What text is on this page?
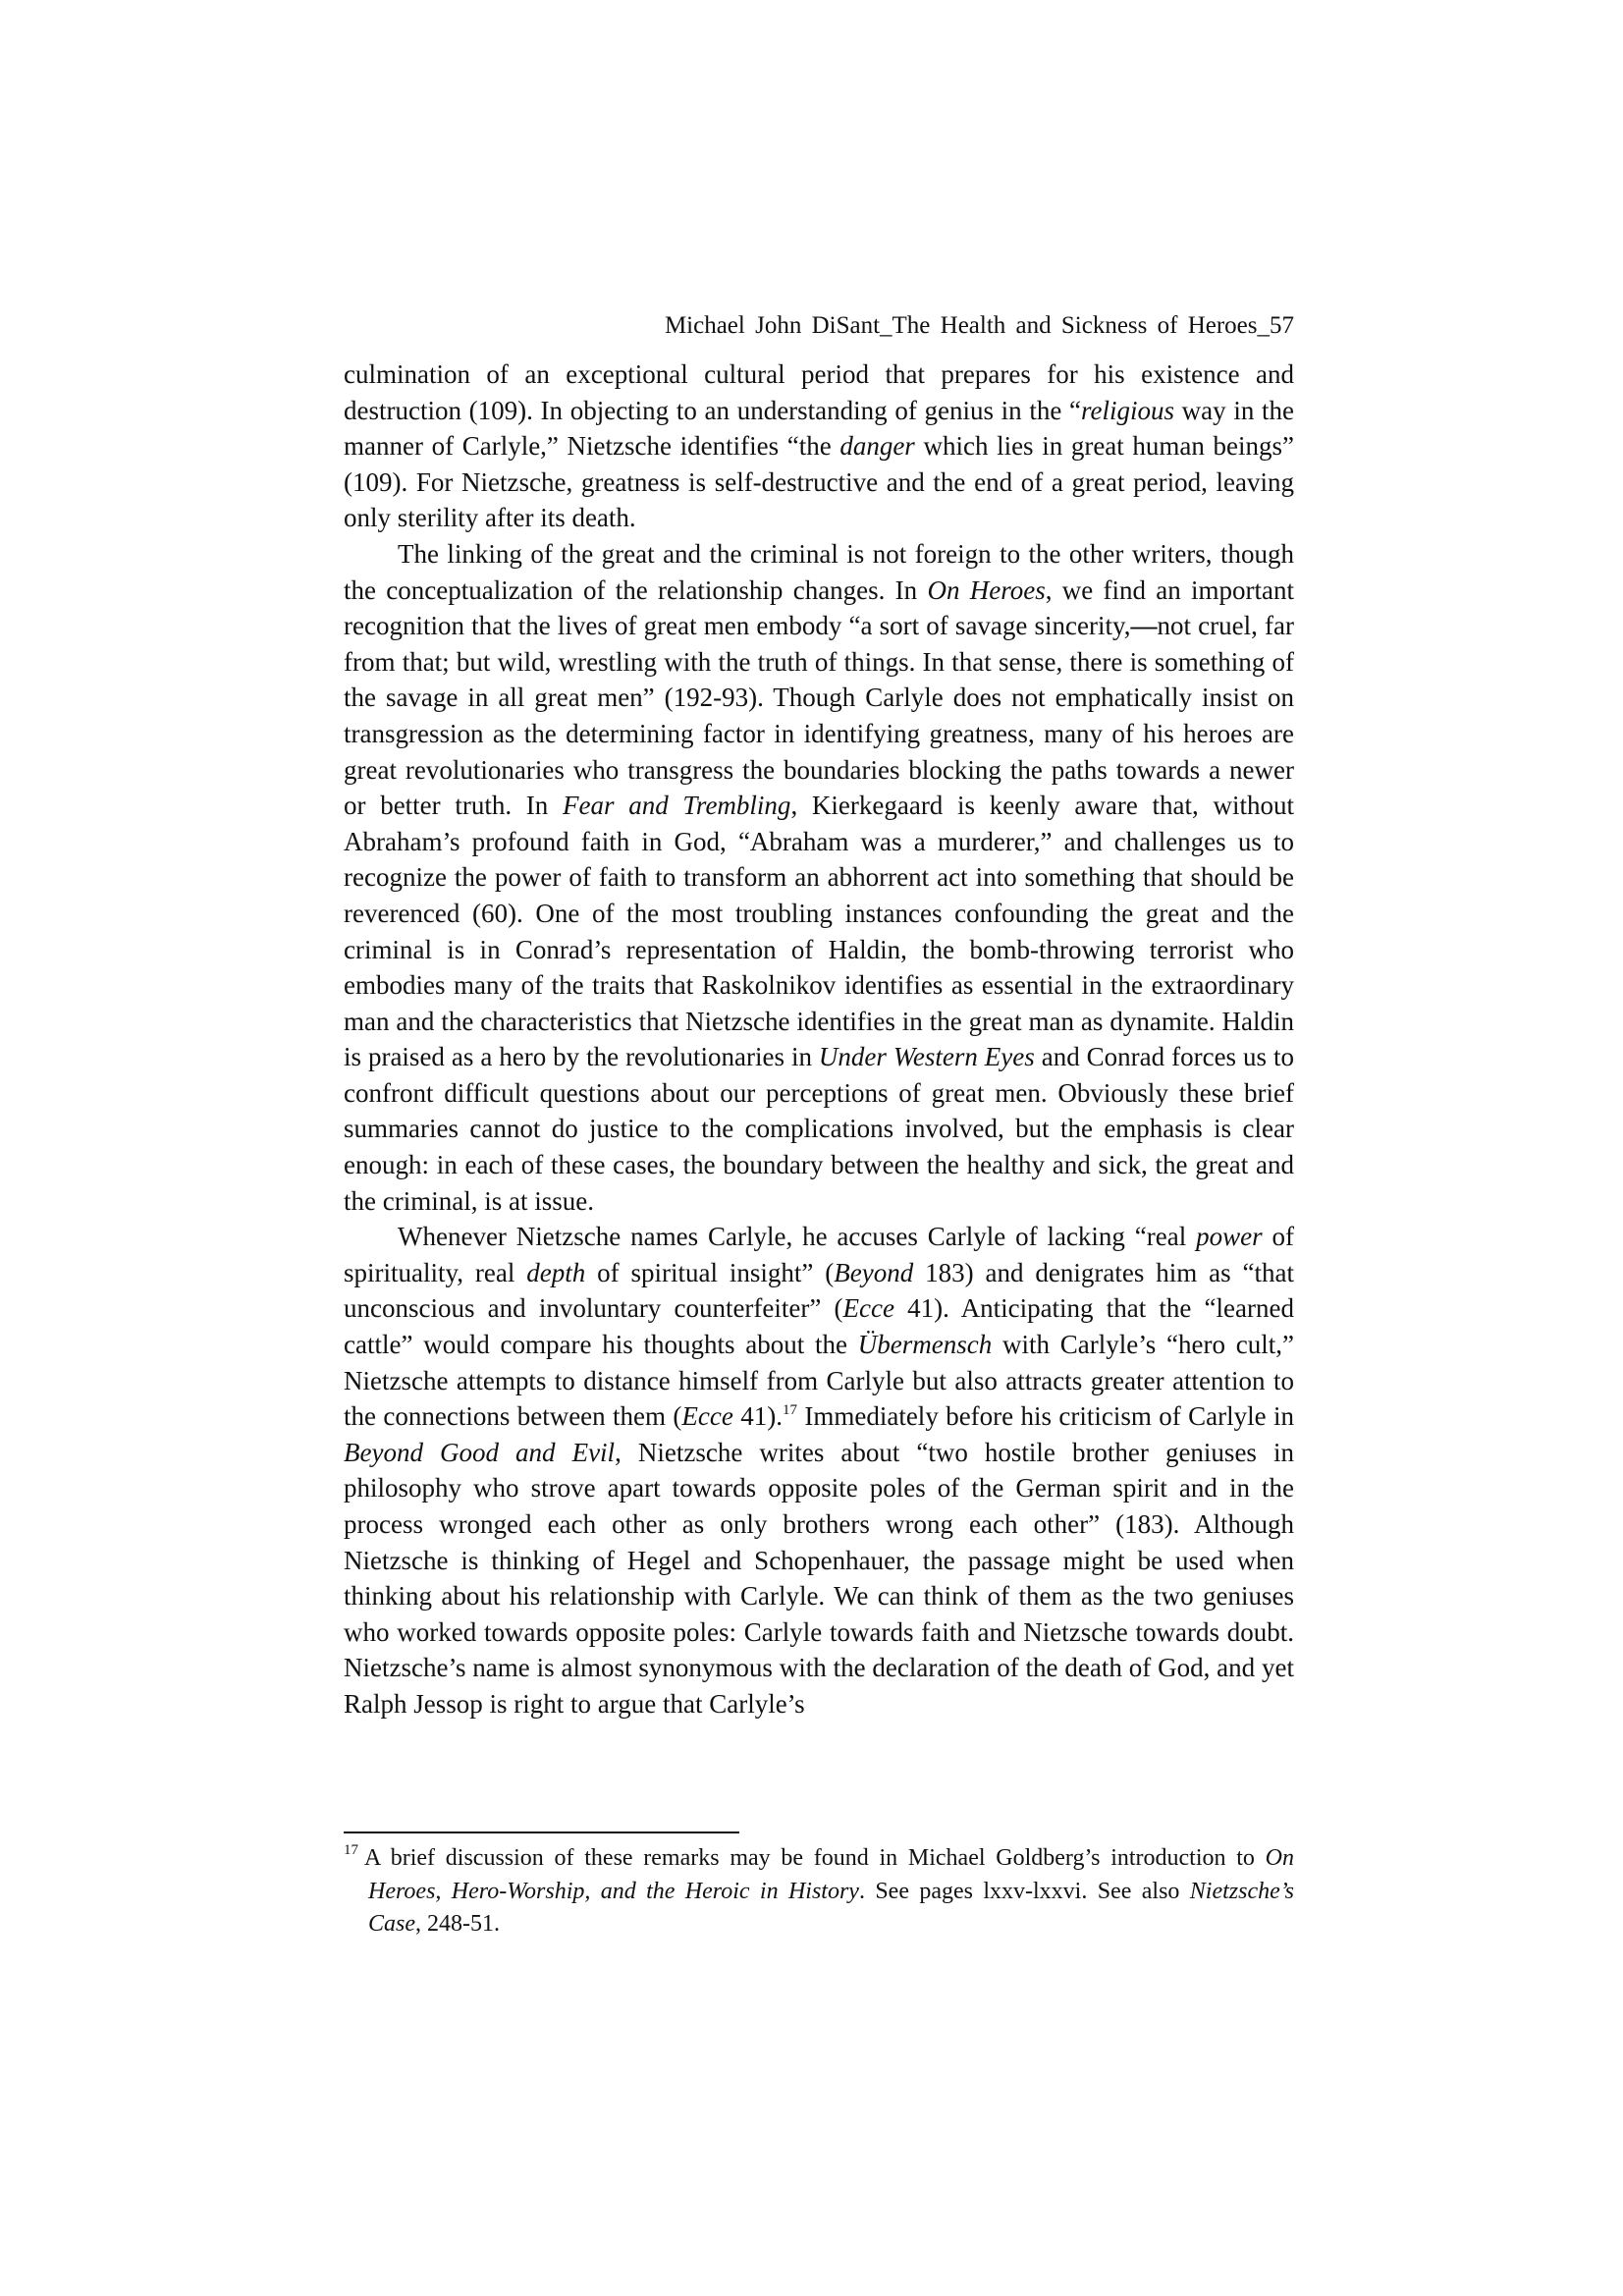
Michael John DiSant_The Health and Sickness of Heroes_57

culmination of an exceptional cultural period that prepares for his existence and destruction (109). In objecting to an understanding of genius in the “religious way in the manner of Carlyle,” Nietzsche identifies “the danger which lies in great human beings” (109). For Nietzsche, greatness is self-destructive and the end of a great period, leaving only sterility after its death.

The linking of the great and the criminal is not foreign to the other writers, though the conceptualization of the relationship changes. In On Heroes, we find an important recognition that the lives of great men embody “a sort of savage sincerity,—not cruel, far from that; but wild, wrestling with the truth of things. In that sense, there is something of the savage in all great men” (192-93). Though Carlyle does not emphatically insist on transgression as the determining factor in identifying greatness, many of his heroes are great revolutionaries who transgress the boundaries blocking the paths towards a newer or better truth. In Fear and Trembling, Kierkegaard is keenly aware that, without Abraham’s profound faith in God, “Abraham was a murderer,” and challenges us to recognize the power of faith to transform an abhorrent act into something that should be reverenced (60). One of the most troubling instances confounding the great and the criminal is in Conrad’s representation of Haldin, the bomb-throwing terrorist who embodies many of the traits that Raskolnikov identifies as essential in the extraordinary man and the characteristics that Nietzsche identifies in the great man as dynamite. Haldin is praised as a hero by the revolutionaries in Under Western Eyes and Conrad forces us to confront difficult questions about our perceptions of great men. Obviously these brief summaries cannot do justice to the complications involved, but the emphasis is clear enough: in each of these cases, the boundary between the healthy and sick, the great and the criminal, is at issue.

Whenever Nietzsche names Carlyle, he accuses Carlyle of lacking “real power of spirituality, real depth of spiritual insight” (Beyond 183) and denigrates him as “that unconscious and involuntary counterfeiter” (Ecce 41). Anticipating that the “learned cattle” would compare his thoughts about the Übermensch with Carlyle’s “hero cult,” Nietzsche attempts to distance himself from Carlyle but also attracts greater attention to the connections between them (Ecce 41).$^{17}$ Immediately before his criticism of Carlyle in Beyond Good and Evil, Nietzsche writes about “two hostile brother geniuses in philosophy who strove apart towards opposite poles of the German spirit and in the process wronged each other as only brothers wrong each other” (183). Although Nietzsche is thinking of Hegel and Schopenhauer, the passage might be used when thinking about his relationship with Carlyle. We can think of them as the two geniuses who worked towards opposite poles: Carlyle towards faith and Nietzsche towards doubt. Nietzsche’s name is almost synonymous with the declaration of the death of God, and yet Ralph Jessop is right to argue that Carlyle’s

$^{17}$ A brief discussion of these remarks may be found in Michael Goldberg’s introduction to On Heroes, Hero-Worship, and the Heroic in History. See pages lxxv-lxxvi. See also Nietzsche’s Case, 248-51.
